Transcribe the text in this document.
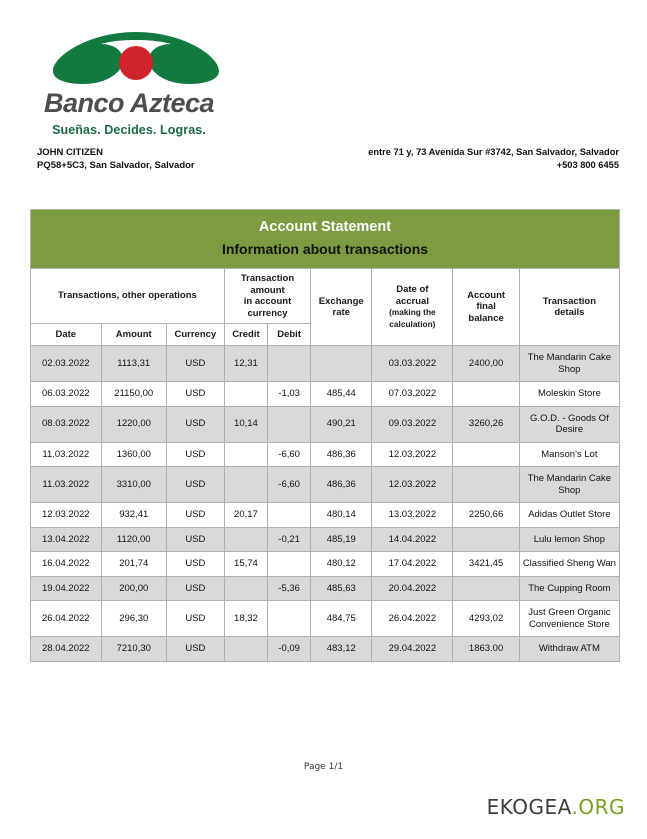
Banco Azteca
Sueñas. Decides. Logras.
JOHN CITIZEN
PQ58+5C3, San Salvador, Salvador
entre 71 y, 73 Avenida Sur #3742, San Salvador, Salvador
+503 800 6455
Account Statement
Information about transactions								

Transactions, other operations			Transaction
amount
in account
currency		Exchange
rate	Date of
accrual
(making the
calculation)	Account
final
balance	Transaction
details
Date	Amount	Currency	Credit	Debit				
02.03.2022	1113,31	USD	12,31			03.03.2022	2400,00	The Mandarin Cake Shop
06.03.2022	21150,00	USD		-1,03	485,44	07.03.2022		Moleskin Store
08.03.2022	1220,00	USD	10,14		490,21	09.03.2022	3260,26	G.O.D. - Goods Of Desire
11.03.2022	1360,00	USD		-6,60	486,36	12.03.2022		Manson's Lot
11.03.2022	3310,00	USD		-6,60	486,36	12.03.2022		The Mandarin Cake Shop
12.03.2022	932,41	USD	20,17		480,14	13.03.2022	2250,66	Adidas Outlet Store
13.04.2022	1120,00	USD		-0,21	485,19	14.04.2022		Lulu lemon Shop
16.04.2022	201,74	USD	15,74		480,12	17.04.2022	3421,45	Classified Sheng Wan
19.04.2022	200,00	USD		-5,36	485,63	20.04.2022		The Cupping Room
26.04.2022	296,30	USD	18,32		484,75	26.04.2022	4293,02	Just Green Organic Convenience Store
28.04.2022	7210,30	USD		-0,09	483,12	29.04.2022	1863.00	Withdraw ATM
Page 1/1
EKOGEA.ORG
